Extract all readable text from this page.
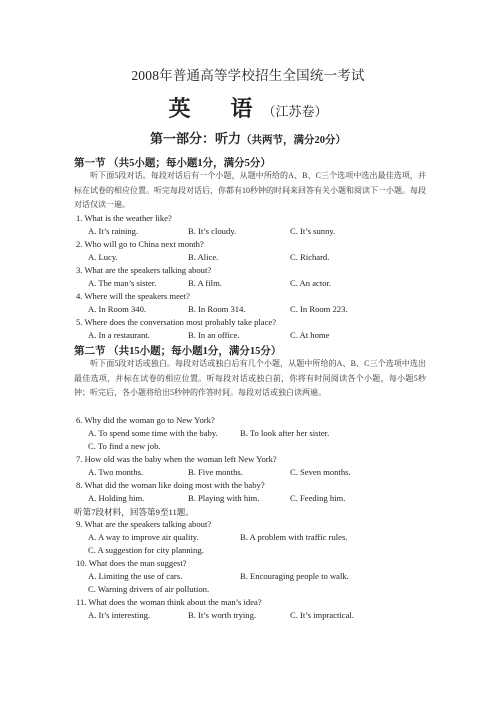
2008年普通高等学校招生全国统一考试
英 语 （江苏卷）
第一部分：听力（共两节，满分20分）
第一节 （共5小题；每小题1分，满分5分）
听下面5段对话。每段对话后有一个小题，从题中所给的A、B、C三个选项中选出最佳选项，并标在试卷的相应位置。听完每段对话后，你都有10秒钟的时间来回答有关小题和阅读下一小题。每段对话仅读一遍。
1. What is the weather like?
A. It’s raining.	B. It’s cloudy.	C. It’s sunny.
2. Who will go to China next month?
A. Lucy.	B. Alice.	C. Richard.
3. What are the speakers talking about?
A. The man’s sister.	B. A film.	C. An actor.
4. Where will the speakers meet?
A. In Room 340.	B. In Room 314.	C. In Room 223.
5. Where does the conversation most probably take place?
A. In a restaurant.	B. In an office.	C. At home
第二节 （共15小题；每小题1分，满分15分）
听下面5段对话或独白。每段对话或独白后有几个小题，从题中所给的A、B、C三个选项中选出最佳选项，并标在试卷的相应位置。听每段对话或独白前，你将有时间阅读各个小题，每小题5秒钟；听完后，各小题将给出5秒钟的作答时间。每段对话或独白读两遍。
6. Why did the woman go to New York?
A. To spend some time with the baby.	B. To look after her sister.
C. To find a new job.
7. How old was the baby when the woman left New York?
A. Two months.	B. Five months.	C. Seven months.
8. What did the woman like doing most with the baby?
A. Holding him.	B. Playing with him.	C. Feeding him.
听第7段材料，回答第9至11题。
9. What are the speakers talking about?
A. A way to improve air quality.	B. A problem with traffic rules.
C. A suggestion for city planning.
10. What does the man suggest?
A. Limiting the use of cars.	B. Encouraging people to walk.
C. Warning drivers of air pollution.
11. What does the woman think about the man’s idea?
A. It’s interesting.	B. It’s worth trying.	C. It’s impractical.
